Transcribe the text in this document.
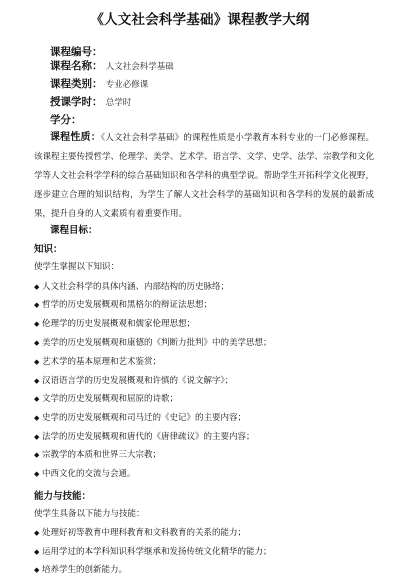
《人文社会科学基础》课程教学大纲
课程编号：
课程名称： 人文社会科学基础
课程类别： 专业必修课
授课学时： 总学时
学分：
课程性质：《人文社会科学基础》的课程性质是小学教育本科专业的一门必修课程。该课程主要传授哲学、伦理学、美学、艺术学、语言学、文学、史学、法学、宗教学和文化学等人文社会科学学科的综合基础知识和各学科的典型学说。帮助学生开拓科学文化视野，逐步建立合理的知识结构，为学生了解人文社会科学的基础知识和各学科的发展的最新成果，提升自身的人文素质有着重要作用。
课程目标：
知识：
使学生掌握以下知识：
◆ 人文社会科学的具体内涵、内部结构的历史脉络；
◆ 哲学的历史发展概观和黑格尔的辩证法思想；
◆ 伦理学的历史发展概观和儒家伦理思想；
◆ 美学的历史发展概观和康德的《判断力批判》中的美学思想；
◆ 艺术学的基本原理和艺术鉴赏；
◆ 汉语语言学的历史发展概观和许慎的《说文解字》；
◆ 文学的历史发展概观和屈原的诗歌；
◆ 史学的历史发展概观和司马迁的《史记》的主要内容；
◆ 法学的历史发展概观和唐代的《唐律疏议》的主要内容；
◆ 宗教学的本质和世界三大宗教；
◆ 中西文化的交流与会通。
能力与技能：
使学生具备以下能力与技能：
◆ 处理好初等教育中理科教育和文科教育的关系的能力；
◆ 运用学过的本学科知识科学继承和发扬传统文化精华的能力；
◆ 培养学生的创新能力。
